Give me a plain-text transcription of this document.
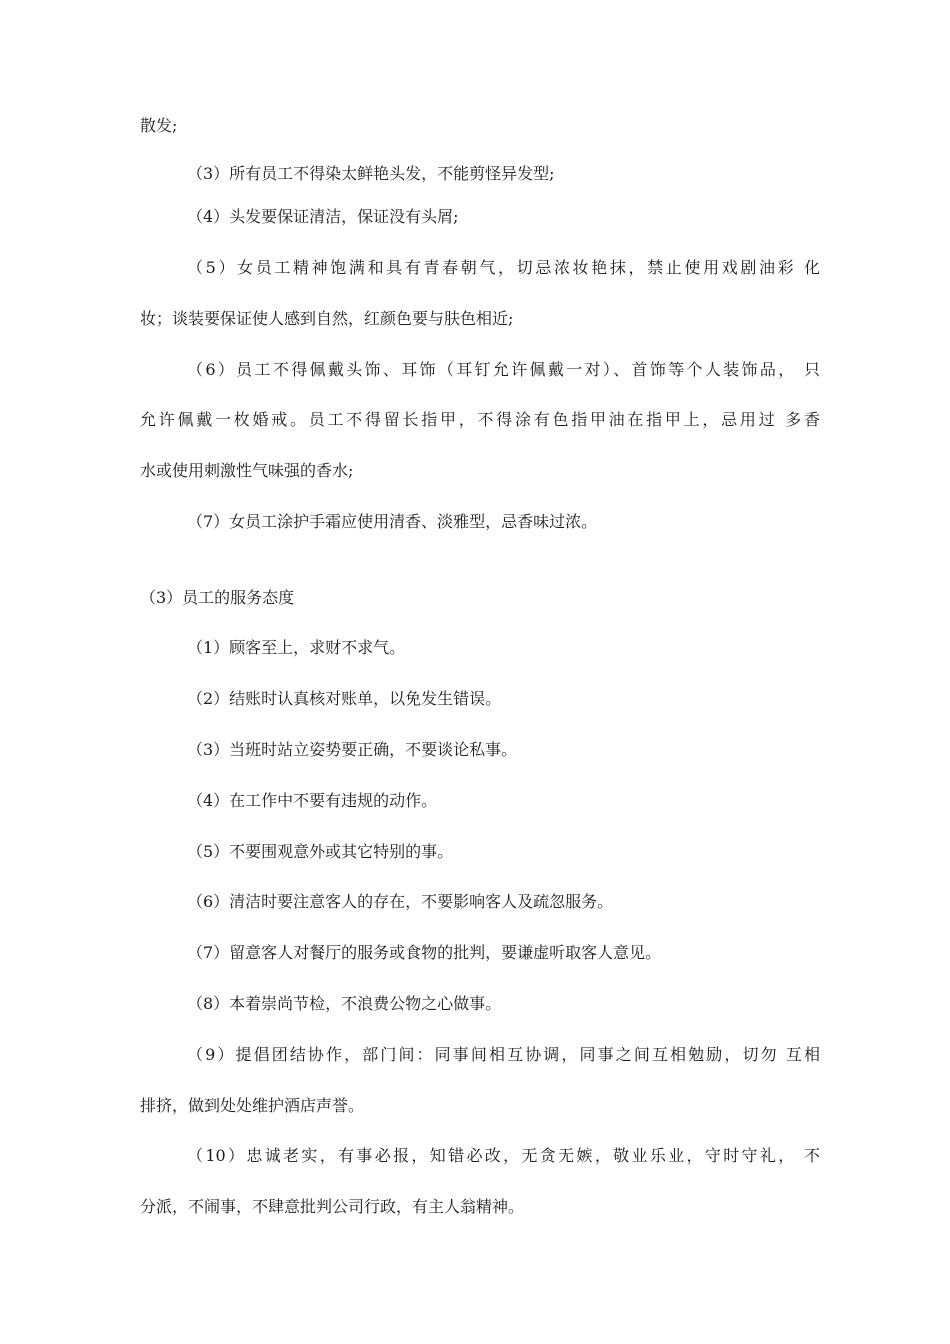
散发;
（3）所有员工不得染太鲜艳头发，不能剪怪异发型;
（4）头发要保证清洁，保证没有头屑;
（5）女员工精神饱满和具有青春朝气，切忌浓妆艳抹，禁止使用戏剧油彩 化
妆；谈装要保证使人感到自然，红颜色要与肤色相近;
（6）员工不得佩戴头饰、耳饰（耳钉允许佩戴一对）、首饰等个人装饰品， 只
允许佩戴一枚婚戒。员工不得留长指甲，不得涂有色指甲油在指甲上，忌用过 多香
水或使用刺激性气味强的香水;
（7）女员工涂护手霜应使用清香、淡雅型，忌香味过浓。
（3）员工的服务态度
（1）顾客至上，求财不求气。
（2）结账时认真核对账单，以免发生错误。
（3）当班时站立姿势要正确，不要谈论私事。
（4）在工作中不要有违规的动作。
（5）不要围观意外或其它特别的事。
（6）清洁时要注意客人的存在，不要影响客人及疏忽服务。
（7）留意客人对餐厅的服务或食物的批判，要谦虚听取客人意见。
（8）本着崇尚节检，不浪费公物之心做事。
（9）提倡团结协作，部门间：同事间相互协调，同事之间互相勉励，切勿 互相
排挤，做到处处维护酒店声誉。
（10）忠诚老实，有事必报，知错必改，无贪无嫉，敬业乐业，守时守礼， 不
分派，不闹事，不肆意批判公司行政，有主人翁精神。
